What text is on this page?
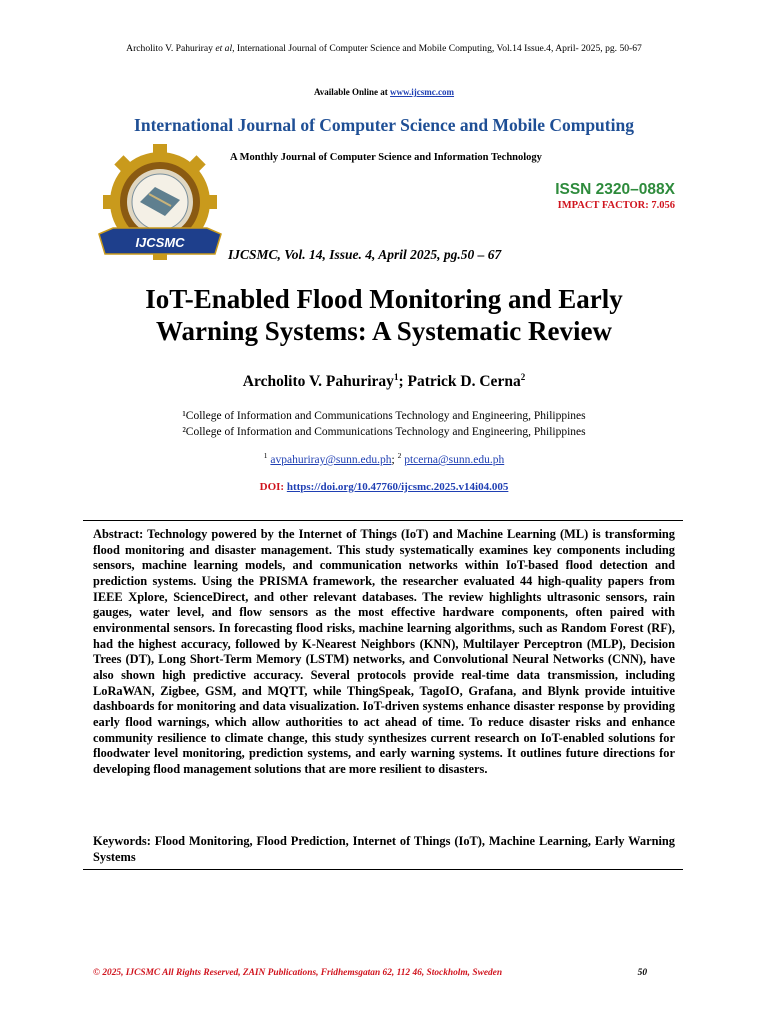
Archolito V. Pahuriray et al, International Journal of Computer Science and Mobile Computing, Vol.14 Issue.4, April- 2025, pg. 50-67
Available Online at www.ijcsmc.com
International Journal of Computer Science and Mobile Computing
IJCSMC
A Monthly Journal of Computer Science and Information Technology
ISSN 2320–088X
IMPACT FACTOR: 7.056
IJCSMC, Vol. 14, Issue. 4, April 2025, pg.50 – 67
IoT-Enabled Flood Monitoring and Early
Warning Systems: A Systematic Review
Archolito V. Pahuriray$^1$; Patrick D. Cerna$^2$
¹College of Information and Communications Technology and Engineering, Philippines
²College of Information and Communications Technology and Engineering, Philippines
$^1$ avpahuriray@sunn.edu.ph; $^2$ ptcerna@sunn.edu.ph
DOI: https://doi.org/10.47760/ijcsmc.2025.v14i04.005
Abstract: Technology powered by the Internet of Things (IoT) and Machine Learning (ML) is transforming flood monitoring and disaster management. This study systematically examines key components including sensors, machine learning models, and communication networks within IoT-based flood detection and prediction systems. Using the PRISMA framework, the researcher evaluated 44 high-quality papers from IEEE Xplore, ScienceDirect, and other relevant databases. The review highlights ultrasonic sensors, rain gauges, water level, and flow sensors as the most effective hardware components, often paired with environmental sensors. In forecasting flood risks, machine learning algorithms, such as Random Forest (RF), had the highest accuracy, followed by K-Nearest Neighbors (KNN), Multilayer Perceptron (MLP), Decision Trees (DT), Long Short-Term Memory (LSTM) networks, and Convolutional Neural Networks (CNN), have also shown high predictive accuracy. Several protocols provide real-time data transmission, including LoRaWAN, Zigbee, GSM, and MQTT, while ThingSpeak, TagoIO, Grafana, and Blynk provide intuitive dashboards for monitoring and data visualization. IoT-driven systems enhance disaster response by providing early flood warnings, which allow authorities to act ahead of time. To reduce disaster risks and enhance community resilience to climate change, this study synthesizes current research on IoT-enabled solutions for floodwater level monitoring, prediction systems, and early warning systems. It outlines future directions for developing flood management solutions that are more resilient to disasters.
Keywords: Flood Monitoring, Flood Prediction, Internet of Things (IoT), Machine Learning, Early Warning Systems
© 2025, IJCSMC All Rights Reserved, ZAIN Publications, Fridhemsgatan 62, 112 46, Stockholm, Sweden	50
